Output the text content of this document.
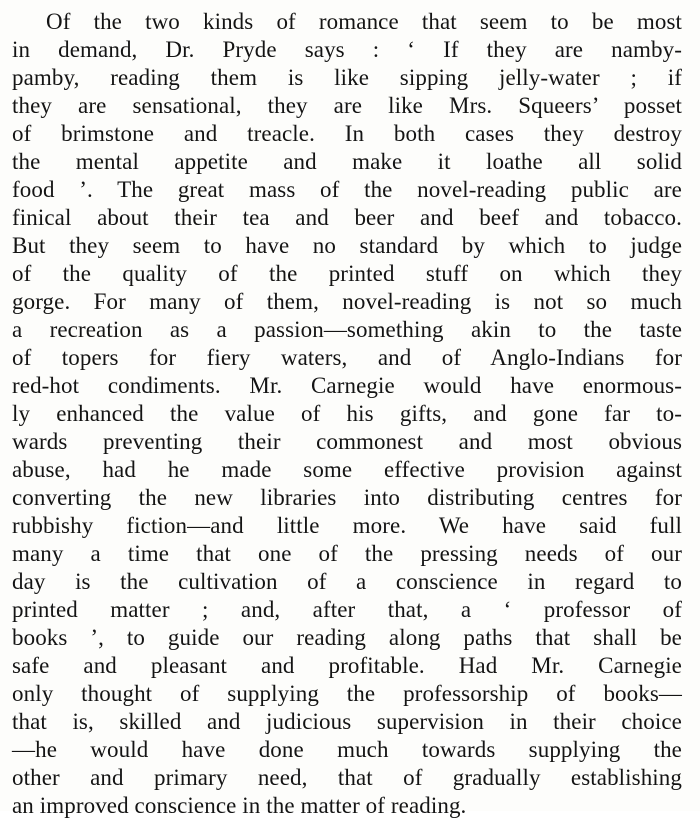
Of the two kinds of romance that seem to be most
in demand, Dr. Pryde says : ‘ If they are namby-
pamby, reading them is like sipping jelly-water ; if
they are sensational, they are like Mrs. Squeers’ posset
of brimstone and treacle. In both cases they destroy
the mental appetite and make it loathe all solid
food ’. The great mass of the novel-reading public are
finical about their tea and beer and beef and tobacco.
But they seem to have no standard by which to judge
of the quality of the printed stuff on which they
gorge. For many of them, novel-reading is not so much
a recreation as a passion—something akin to the taste
of topers for fiery waters, and of Anglo-Indians for
red-hot condiments. Mr. Carnegie would have enormous-
ly enhanced the value of his gifts, and gone far to-
wards preventing their commonest and most obvious
abuse, had he made some effective provision against
converting the new libraries into distributing centres for
rubbishy fiction—and little more. We have said full
many a time that one of the pressing needs of our
day is the cultivation of a conscience in regard to
printed matter ; and, after that, a ‘ professor of
books ’, to guide our reading along paths that shall be
safe and pleasant and profitable. Had Mr. Carnegie
only thought of supplying the professorship of books—
that is, skilled and judicious supervision in their choice
—he would have done much towards supplying the
other and primary need, that of gradually establishing
an improved conscience in the matter of reading.
